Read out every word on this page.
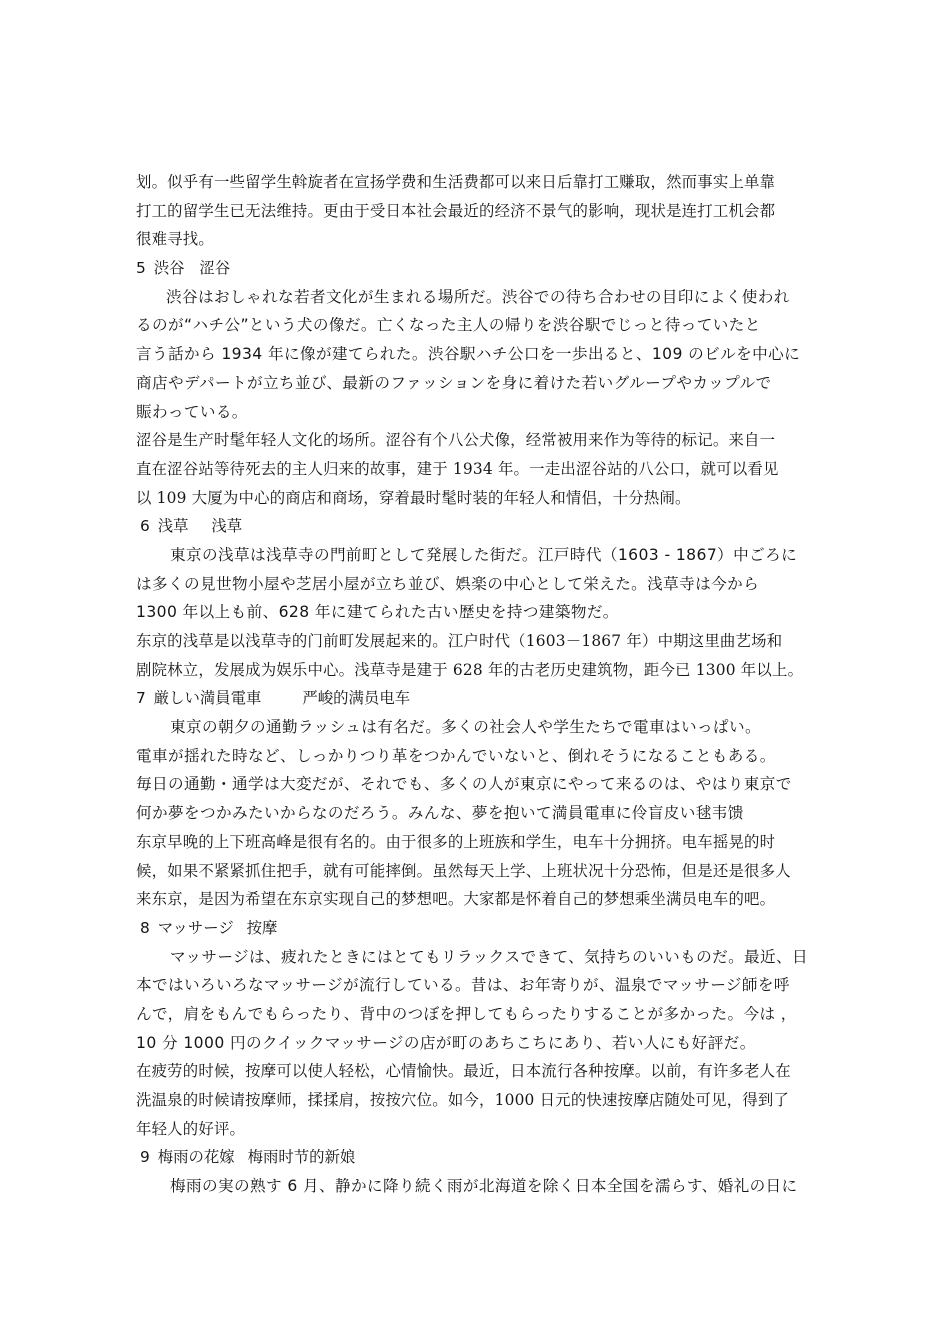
划。似乎有一些留学生斡旋者在宣扬学费和生活费都可以来日后靠打工赚取，然而事实上单靠
打工的留学生已无法维持。更由于受日本社会最近的经济不景气的影响，现状是连打工机会都
很难寻找。
5 渋谷 涩谷
渋谷はおしゃれな若者文化が生まれる場所だ。渋谷での待ち合わせの目印によく使われ
るのが“ハチ公”という犬の像だ。亡くなった主人の帰りを渋谷駅でじっと待っていたと
言う話から 1934 年に像が建てられた。渋谷駅ハチ公口を一歩出ると、109 のビルを中心に
商店やデパートが立ち並び、最新のファッションを身に着けた若いグループやカップルで
賑わっている。
涩谷是生产时髦年轻人文化的场所。涩谷有个八公犬像，经常被用来作为等待的标记。来自一
直在涩谷站等待死去的主人归来的故事，建于 1934 年。一走出涩谷站的八公口，就可以看见
以 109 大厦为中心的商店和商场，穿着最时髦时装的年轻人和情侣，十分热闹。
6 浅草 浅草
東京の浅草は浅草寺の門前町として発展した街だ。江戸時代（1603 - 1867）中ごろに
は多くの見世物小屋や芝居小屋が立ち並び、娯楽の中心として栄えた。浅草寺は今から
1300 年以上も前、628 年に建てられた古い歴史を持つ建築物だ。
东京的浅草是以浅草寺的门前町发展起来的。江户时代（1603－1867 年）中期这里曲艺场和
剧院林立，发展成为娱乐中心。浅草寺是建于 628 年的古老历史建筑物，距今已 1300 年以上。
7 厳しい満員電車	严峻的满员电车
東京の朝夕の通勤ラッシュは有名だ。多くの社会人や学生たちで電車はいっぱい。
電車が揺れた時など、しっかりつり革をつかんでいないと、倒れそうになることもある。
毎日の通勤・通学は大変だが、それでも、多くの人が東京にやって来るのは、やはり東京で
何か夢をつかみたいからなのだろう。みんな、夢を抱いて満員電車に伶盲皮い毬韦馈
东京早晚的上下班高峰是很有名的。由于很多的上班族和学生，电车十分拥挤。电车摇晃的时
候，如果不紧紧抓住把手，就有可能摔倒。虽然每天上学、上班状况十分恐怖，但是还是很多人
来东京，是因为希望在东京实现自己的梦想吧。大家都是怀着自己的梦想乘坐满员电车的吧。
8 マッサージ 按摩
マッサージは、疲れたときにはとてもリラックスできて、気持ちのいいものだ。最近、日
本ではいろいろなマッサージが流行している。昔は、お年寄りが、温泉でマッサージ師を呼
んで，肩をもんでもらったり、背中のつぼを押してもらったりすることが多かった。今は ，
10 分 1000 円のクイックマッサージの店が町のあちこちにあり、若い人にも好評だ。
在疲劳的时候，按摩可以使人轻松，心情愉快。最近，日本流行各种按摩。以前，有许多老人在
洗温泉的时候请按摩师，揉揉肩，按按穴位。如今，1000 日元的快速按摩店随处可见，得到了
年轻人的好评。
9 梅雨の花嫁 梅雨时节的新娘
梅雨の実の熟す 6 月、静かに降り続く雨が北海道を除く日本全国を濡らす、婚礼の日に
